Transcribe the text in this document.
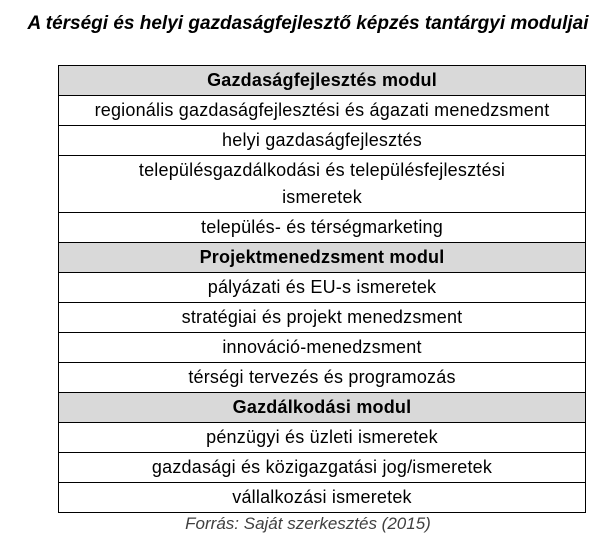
A térségi és helyi gazdaságfejlesztő képzés tantárgyi moduljai
Gazdaságfejlesztés modul
regionális gazdaságfejlesztési és ágazati menedzsment
helyi gazdaságfejlesztés
településgazdálkodási és településfejlesztési ismeretek
település- és térségmarketing
Projektmenedzsment modul
pályázati és EU-s ismeretek
stratégiai és projekt menedzsment
innováció-menedzsment
térségi tervezés és programozás
Gazdálkodási modul
pénzügyi és üzleti ismeretek
gazdasági és közigazgatási jog/ismeretek
vállalkozási ismeretek
Forrás: Saját szerkesztés (2015)
